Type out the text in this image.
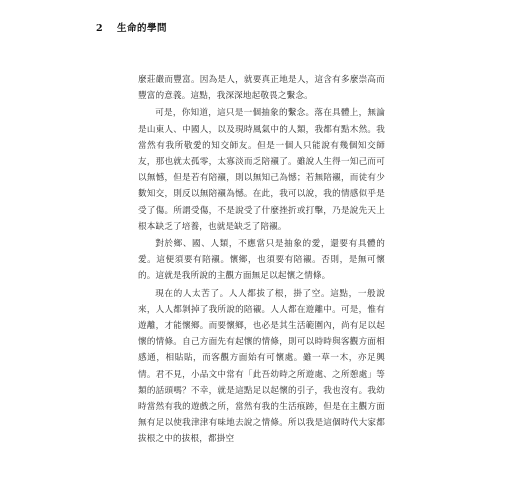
2 生命的學問

麼莊嚴而豐富。因為是人，就要真正地是人，這含有多麼崇高而豐富的意義。這點，我深深地起敬畏之繫念。

可是，你知道，這只是一個抽象的繫念。落在具體上，無論是山東人、中國人，以及現時風氣中的人類，我都有點木然。我當然有我所敬愛的知交師友。但是一個人只能說有幾個知交師友，那也就太孤零，太寡淡而乏陪襯了。雖說人生得一知己而可以無憾，但是若有陪襯，則以無知己為憾；若無陪襯，而徒有少數知交，則反以無陪襯為憾。在此，我可以說，我的情感似乎是受了傷。所謂受傷，不是說受了什麼挫折或打擊，乃是說先天上根本缺乏了培養，也就是缺乏了陪襯。

對於鄉、國、人類，不應當只是抽象的愛，還要有具體的愛。這便須要有陪襯。懷鄉，也須要有陪襯。否則，是無可懷的。這就是我所說的主觀方面無足以起懷之情條。

現在的人太苦了。人人都拔了根，掛了空。這點，一般說來，人人都剝掉了我所說的陪襯。人人都在遊離中。可是，惟有遊離，才能懷鄉。而要懷鄉，也必是其生活範圍內，尚有足以起懷的情條。自己方面先有起懷的情條，則可以時時與客觀方面相感通，相貼貼，而客觀方面始有可懷處。雖一草一木，亦足興情。君不見，小品文中常有「此吾幼時之所遊處、之所憩處」等類的話頭嗎？不幸，就是這點足以起懷的引子，我也沒有。我幼時當然有我的遊戲之所，當然有我的生活痕跡，但是在主觀方面無有足以使我津津有味地去說之情條。所以我是這個時代大家都拔根之中的拔根，都掛空
